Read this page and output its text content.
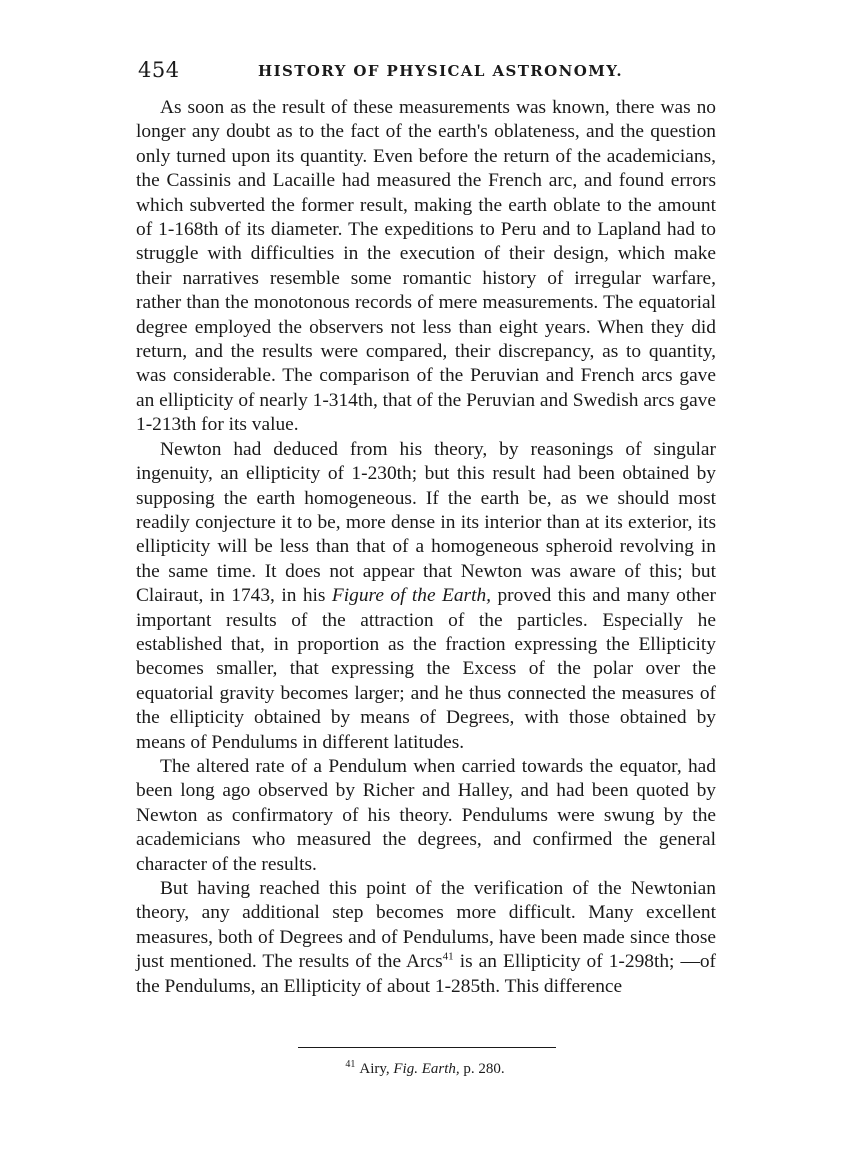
454	HISTORY OF PHYSICAL ASTRONOMY.

As soon as the result of these measurements was known, there was no longer any doubt as to the fact of the earth's oblateness, and the question only turned upon its quantity. Even before the return of the academicians, the Cassinis and Lacaille had measured the French arc, and found errors which subverted the former result, making the earth oblate to the amount of 1-168th of its diameter. The expeditions to Peru and to Lapland had to struggle with difficulties in the execution of their design, which make their narratives resemble some romantic history of irregular warfare, rather than the monotonous records of mere measurements. The equatorial degree employed the observers not less than eight years. When they did return, and the results were compared, their discrepancy, as to quantity, was considerable. The comparison of the Peruvian and French arcs gave an ellipticity of nearly 1-314th, that of the Peruvian and Swedish arcs gave 1-213th for its value.

Newton had deduced from his theory, by reasonings of singular ingenuity, an ellipticity of 1-230th; but this result had been obtained by supposing the earth homogeneous. If the earth be, as we should most readily conjecture it to be, more dense in its interior than at its exterior, its ellipticity will be less than that of a homogeneous spheroid revolving in the same time. It does not appear that Newton was aware of this; but Clairaut, in 1743, in his Figure of the Earth, proved this and many other important results of the attraction of the particles. Especially he established that, in proportion as the fraction expressing the Ellipticity becomes smaller, that expressing the Excess of the polar over the equatorial gravity becomes larger; and he thus connected the measures of the ellipticity obtained by means of Degrees, with those obtained by means of Pendulums in different latitudes.

The altered rate of a Pendulum when carried towards the equator, had been long ago observed by Richer and Halley, and had been quoted by Newton as confirmatory of his theory. Pendulums were swung by the academicians who measured the degrees, and confirmed the general character of the results.

But having reached this point of the verification of the Newtonian theory, any additional step becomes more difficult. Many excellent measures, both of Degrees and of Pendulums, have been made since those just mentioned. The results of the Arcs$^{41}$ is an Ellipticity of 1-298th; —of the Pendulums, an Ellipticity of about 1-285th. This difference

$^{41}$ Airy, Fig. Earth, p. 280.
